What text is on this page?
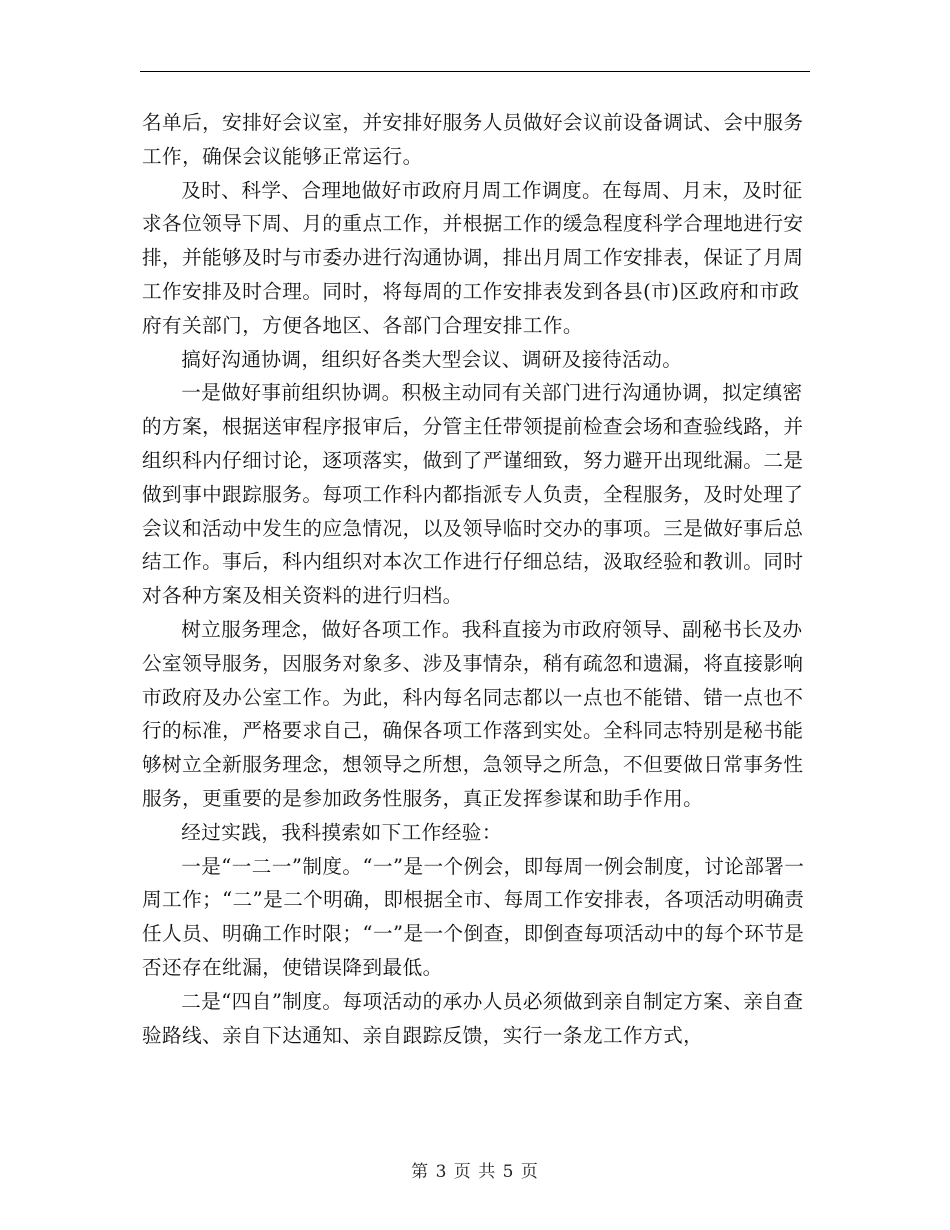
名单后，安排好会议室，并安排好服务人员做好会议前设备调试、会中服务工作，确保会议能够正常运行。

及时、科学、合理地做好市政府月周工作调度。在每周、月末，及时征求各位领导下周、月的重点工作，并根据工作的缓急程度科学合理地进行安排，并能够及时与市委办进行沟通协调，排出月周工作安排表，保证了月周工作安排及时合理。同时，将每周的工作安排表发到各县(市)区政府和市政府有关部门，方便各地区、各部门合理安排工作。

搞好沟通协调，组织好各类大型会议、调研及接待活动。

一是做好事前组织协调。积极主动同有关部门进行沟通协调，拟定缜密的方案，根据送审程序报审后，分管主任带领提前检查会场和查验线路，并组织科内仔细讨论，逐项落实，做到了严谨细致，努力避开出现纰漏。二是做到事中跟踪服务。每项工作科内都指派专人负责，全程服务，及时处理了会议和活动中发生的应急情况，以及领导临时交办的事项。三是做好事后总结工作。事后，科内组织对本次工作进行仔细总结，汲取经验和教训。同时对各种方案及相关资料的进行归档。

树立服务理念，做好各项工作。我科直接为市政府领导、副秘书长及办公室领导服务，因服务对象多、涉及事情杂，稍有疏忽和遗漏，将直接影响市政府及办公室工作。为此，科内每名同志都以一点也不能错、错一点也不行的标准，严格要求自己，确保各项工作落到实处。全科同志特别是秘书能够树立全新服务理念，想领导之所想，急领导之所急，不但要做日常事务性服务，更重要的是参加政务性服务，真正发挥参谋和助手作用。

经过实践，我科摸索如下工作经验：

一是“一二一”制度。“一”是一个例会，即每周一例会制度，讨论部署一周工作；“二”是二个明确，即根据全市、每周工作安排表，各项活动明确责任人员、明确工作时限；“一”是一个倒查，即倒查每项活动中的每个环节是否还存在纰漏，使错误降到最低。

二是“四自”制度。每项活动的承办人员必须做到亲自制定方案、亲自查验路线、亲自下达通知、亲自跟踪反馈，实行一条龙工作方式，

第 3 页 共 5 页
